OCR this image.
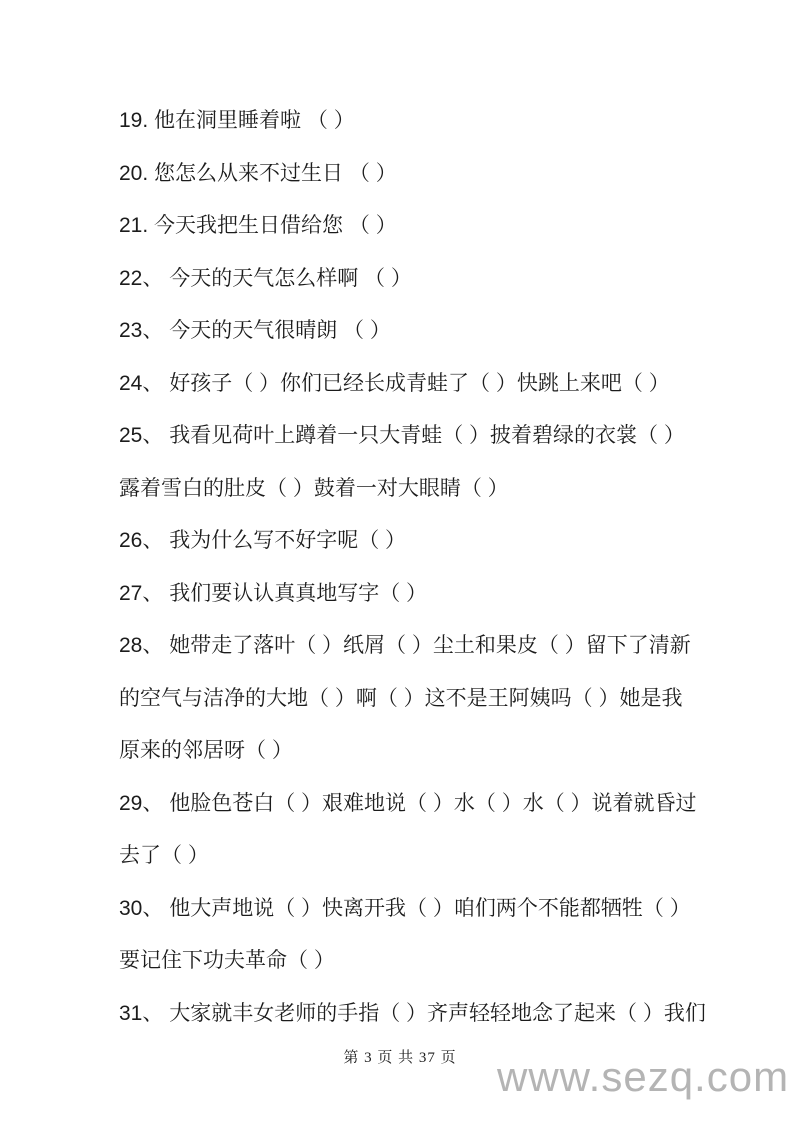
19. 他在洞里睡着啦 （ ）
20. 您怎么从来不过生日 （ ）
21. 今天我把生日借给您 （ ）
22、 今天的天气怎么样啊 （ ）
23、 今天的天气很晴朗 （ ）
24、 好孩子（ ）你们已经长成青蛙了（ ）快跳上来吧（ ）
25、 我看见荷叶上蹲着一只大青蛙（ ）披着碧绿的衣裳（ ）
露着雪白的肚皮（ ）鼓着一对大眼睛（ ）
26、 我为什么写不好字呢（ ）
27、 我们要认认真真地写字（ ）
28、 她带走了落叶（ ）纸屑（ ）尘土和果皮（ ）留下了清新
的空气与洁净的大地（ ）啊（ ）这不是王阿姨吗（ ）她是我
原来的邻居呀（ ）
29、 他脸色苍白（ ）艰难地说（ ）水（ ）水（ ）说着就昏过
去了（ ）
30、 他大声地说（ ）快离开我（ ）咱们两个不能都牺牲（ ）
要记住下功夫革命（ ）
31、 大家就丰女老师的手指（ ）齐声轻轻地念了起来（ ）我们
第 3 页 共 37 页 www.sezq.com
